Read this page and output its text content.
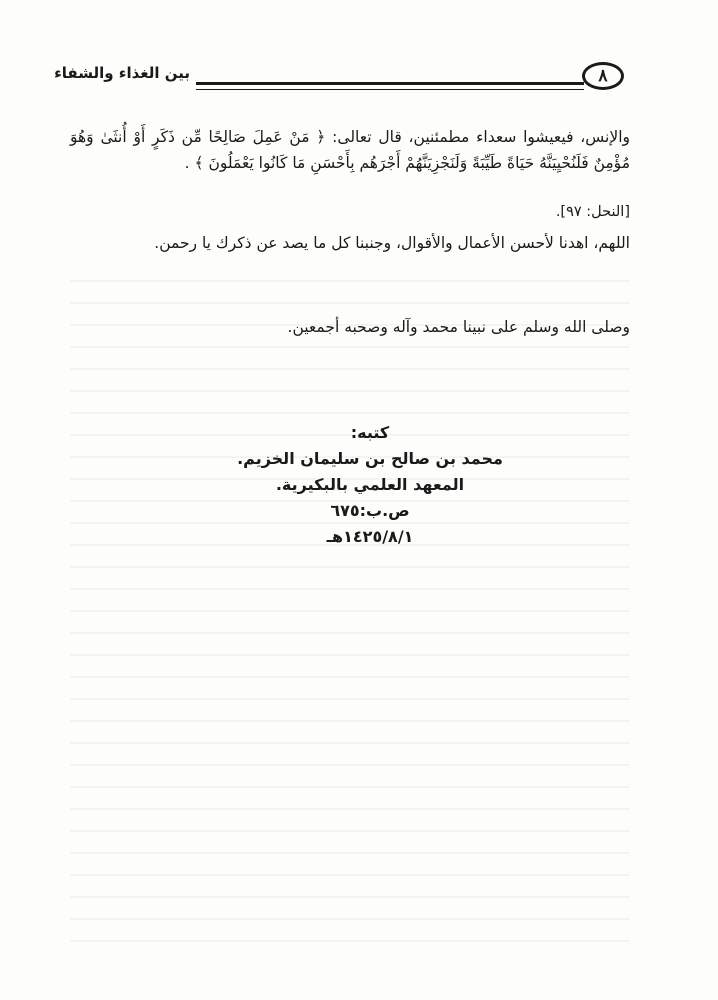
بين الغذاء والشفاء	٨

والإنس، فيعيشوا سعداء مطمئنين، قال تعالى: ﴿ مَنْ عَمِلَ صَالِحًا مِّن ذَكَرٍ أَوْ أُنثَىٰ وَهُوَ مُؤْمِنٌ فَلَنُحْيِيَنَّهُ حَيَاةً طَيِّبَةً وَلَنَجْزِيَنَّهُمْ أَجْرَهُم بِأَحْسَنِ مَا كَانُوا يَعْمَلُونَ ﴾ .

[النحل: ٩٧].

اللهم، اهدنا لأحسن الأعمال والأقوال، وجنبنا كل ما يصد عن ذكرك يا رحمن.

وصلى الله وسلم على نبينا محمد وآله وصحبه أجمعين.

كتبه:
محمد بن صالح بن سليمان الخزيم.
المعهد العلمي بالبكيرية.
ص.ب:٦٧٥
١٤٢٥/٨/١هـ
